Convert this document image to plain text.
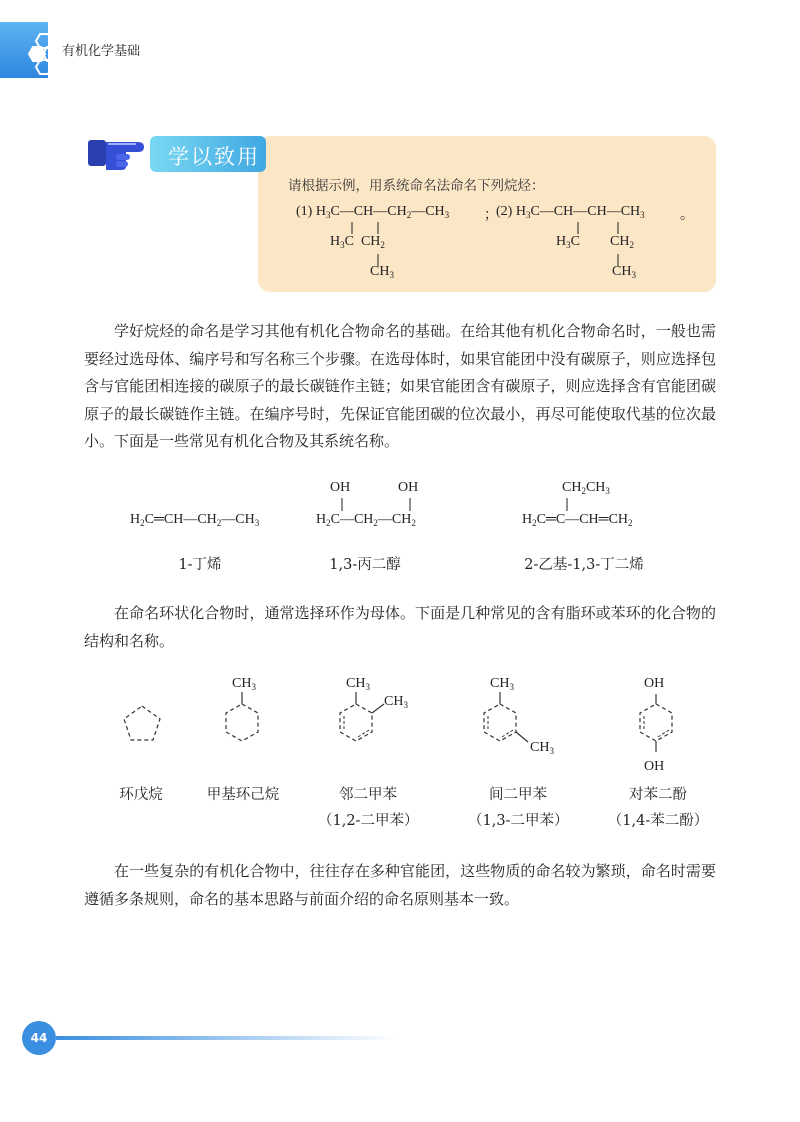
有机化学基础
学以致用
请根据示例，用系统命名法命名下列烷烃：
(1) $H_3C—CH—CH_2—CH_3$ ；
$H_3C$  $CH_2$
$CH_3$
(2) $H_3C—CH—CH—CH_3$	。
$H_3C$ $CH_2$
$CH_3$
学好烷烃的命名是学习其他有机化合物命名的基础。在给其他有机化合物命名时，一般也需要经过选母体、编序号和写名称三个步骤。在选母体时，如果官能团中没有碳原子，则应选择包含与官能团相连接的碳原子的最长碳链作主链；如果官能团含有碳原子，则应选择含有官能团碳原子的最长碳链作主链。在编序号时，先保证官能团碳的位次最小，再尽可能使取代基的位次最小。下面是一些常见有机化合物及其系统名称。
$H_2C═CH—CH_2—CH_3$
1-丁烯
OH	OH
$H_2C—CH_2—CH_2$
1,3-丙二醇
$CH_2CH_3$
$H_2C═C—CH═CH_2$
2-乙基-1,3-丁二烯
在命名环状化合物时，通常选择环作为母体。下面是几种常见的含有脂环或苯环的化合物的结构和名称。
环戊烷
$CH_3$
甲基环己烷
$CH_3$
$CH_3$
邻二甲苯
（1,2-二甲苯）
$CH_3$
$CH_3$
间二甲苯
（1,3-二甲苯）
OH
OH
对苯二酚
（1,4-苯二酚）
在一些复杂的有机化合物中，往往存在多种官能团，这些物质的命名较为繁琐，命名时需要遵循多条规则，命名的基本思路与前面介绍的命名原则基本一致。
44
